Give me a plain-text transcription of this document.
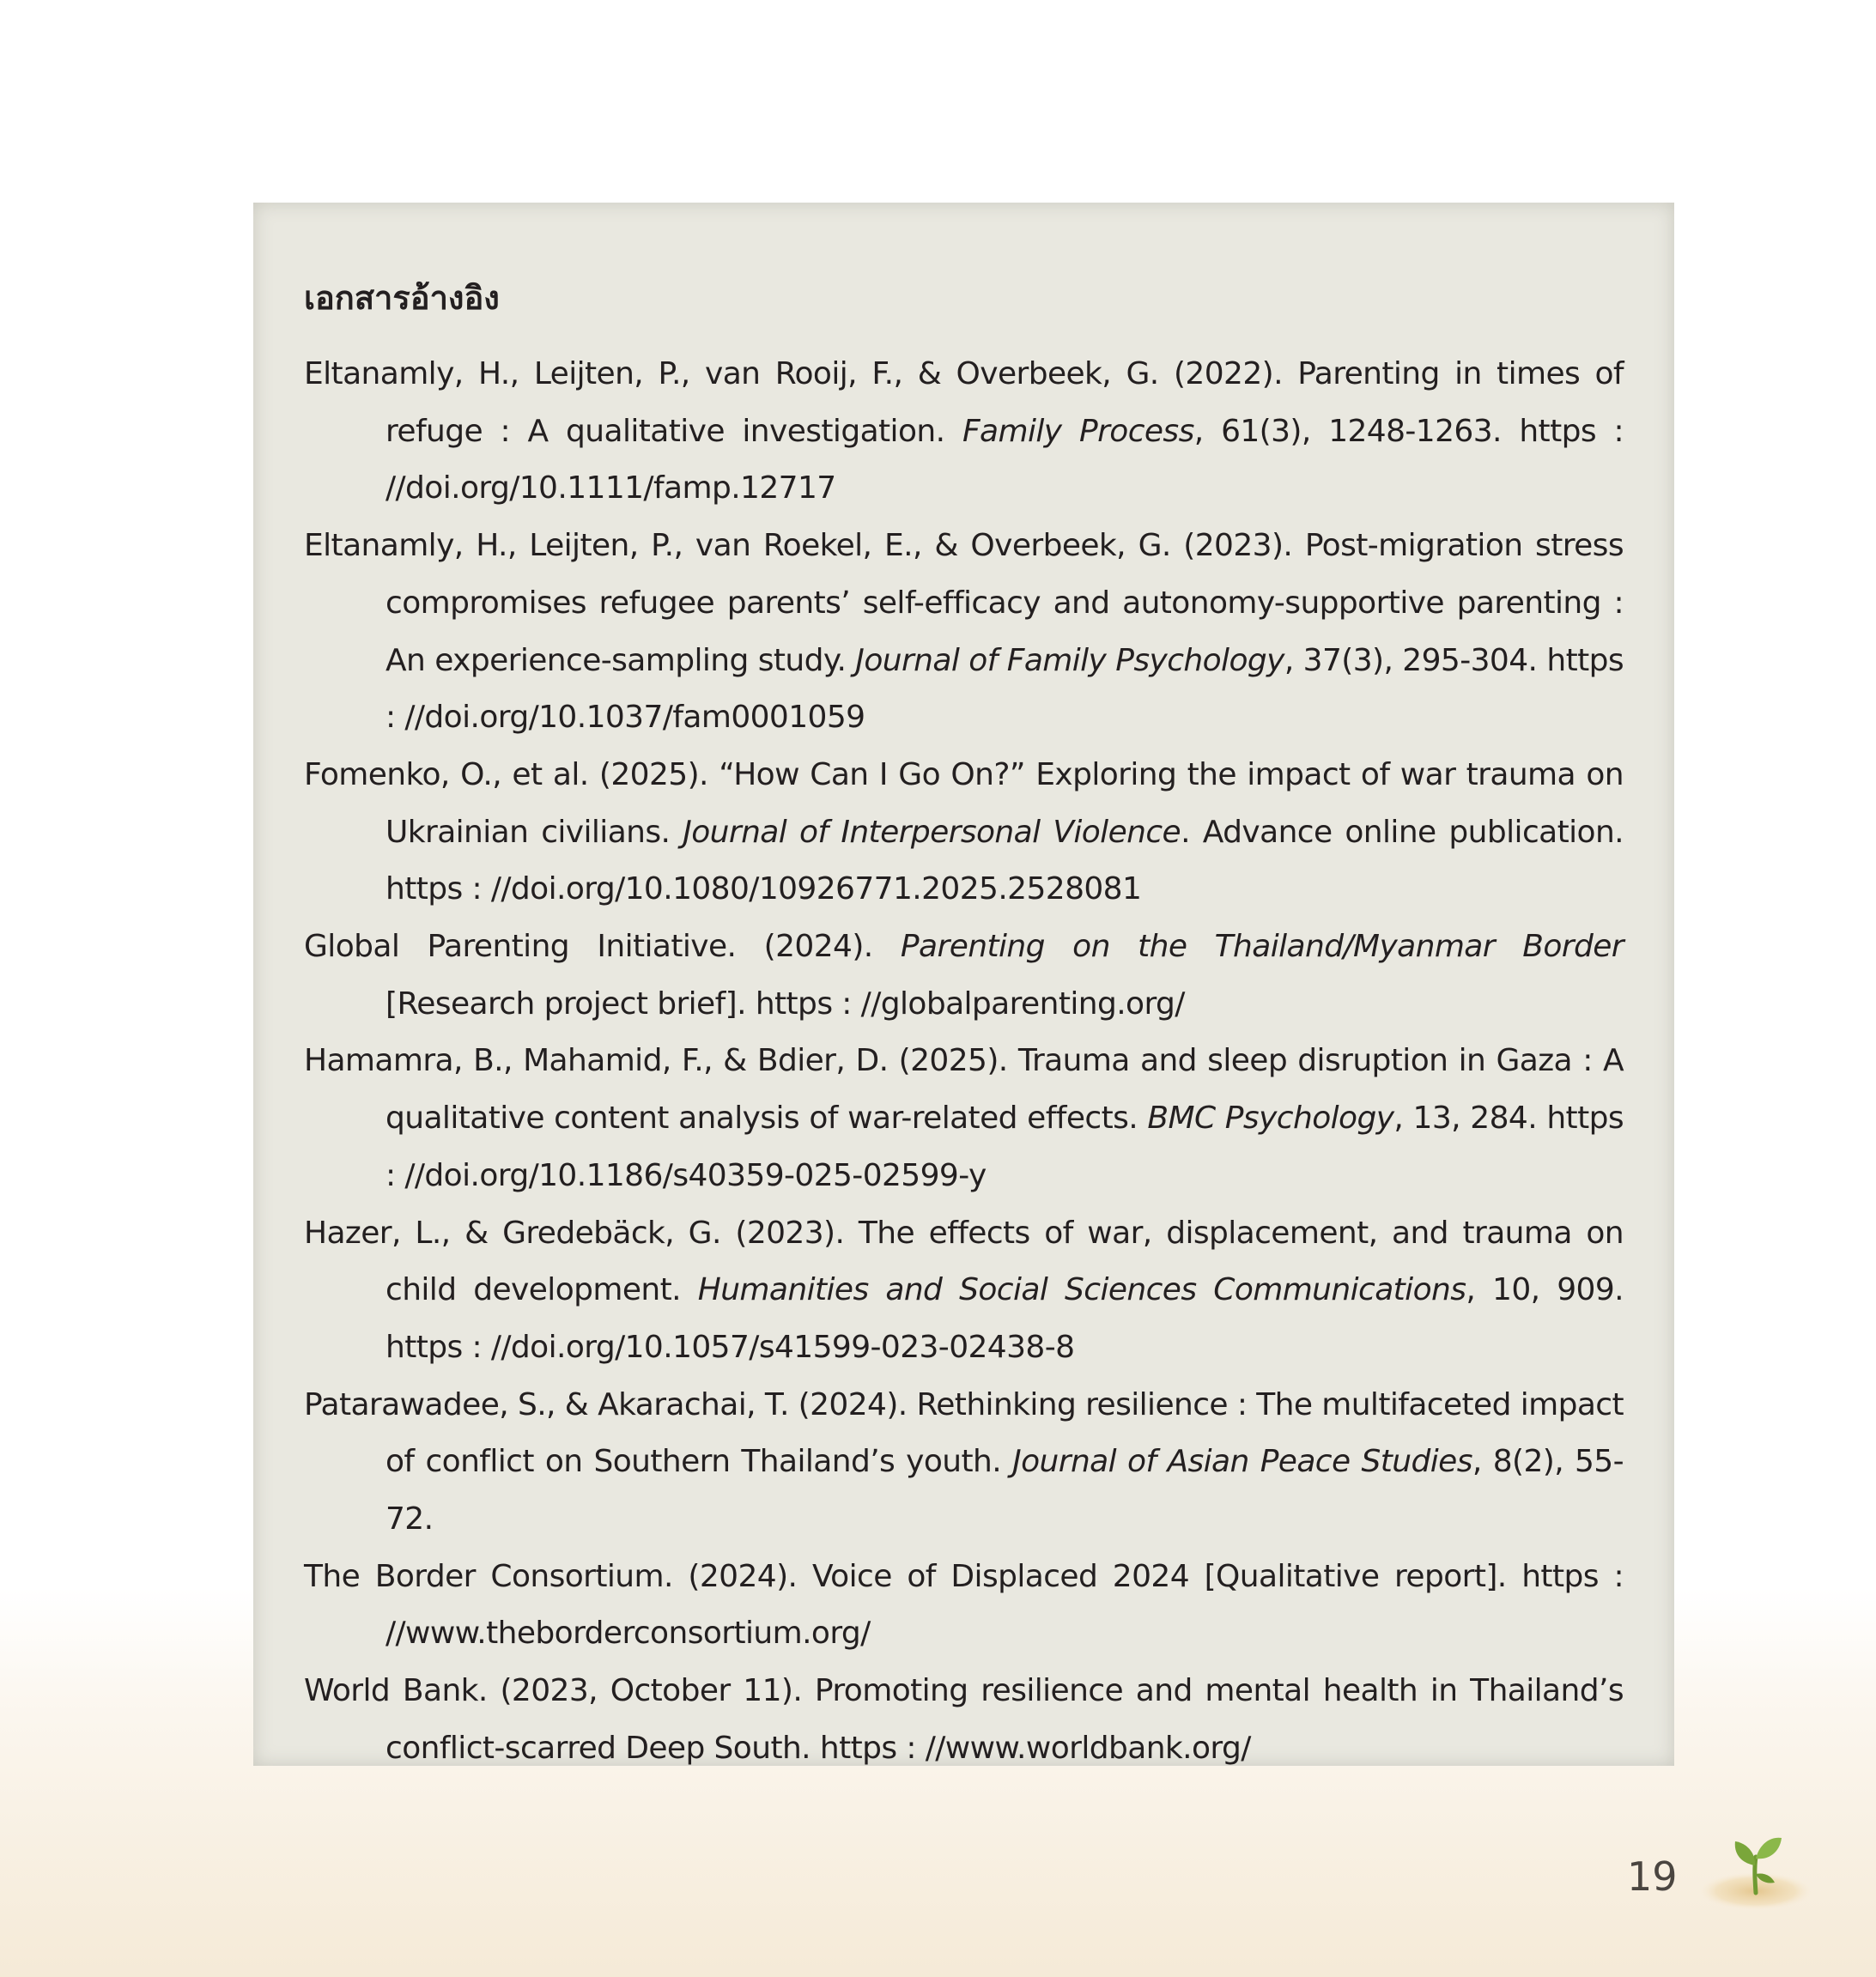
เอกสารอ้างอิง
Eltanamly, H., Leijten, P., van Rooij, F., & Overbeek, G. (2022). Parenting in times of refuge : A qualitative investigation. Family Process, 61(3), 1248-1263. https : //doi.org/10.1111/famp.12717
Eltanamly, H., Leijten, P., van Roekel, E., & Overbeek, G. (2023). Post-migration stress compromises refugee parents’ self-efficacy and autonomy-supportive parenting : An experience-sampling study. Journal of Family Psychology, 37(3), 295-304. https : //doi.org/10.1037/fam0001059
Fomenko, O., et al. (2025). “How Can I Go On?” Exploring the impact of war trauma on Ukrainian civilians. Journal of Interpersonal Violence. Advance online publication. https : //doi.org/10.1080/10926771.2025.2528081
Global Parenting Initiative. (2024). Parenting on the Thailand/Myanmar Border [Research project brief]. https : //globalparenting.org/
Hamamra, B., Mahamid, F., & Bdier, D. (2025). Trauma and sleep disruption in Gaza : A qualitative content analysis of war-related effects. BMC Psychology, 13, 284. https : //doi.org/10.1186/s40359-025-02599-y
Hazer, L., & Gredebäck, G. (2023). The effects of war, displacement, and trauma on child development. Humanities and Social Sciences Communications, 10, 909. https : //doi.org/10.1057/s41599-023-02438-8
Patarawadee, S., & Akarachai, T. (2024). Rethinking resilience : The multifaceted impact of conflict on Southern Thailand’s youth. Journal of Asian Peace Studies, 8(2), 55-72.
The Border Consortium. (2024). Voice of Displaced 2024 [Qualitative report]. https : //www.theborderconsortium.org/
World Bank. (2023, October 11). Promoting resilience and mental health in Thailand’s conflict-scarred Deep South. https : //www.worldbank.org/
19
